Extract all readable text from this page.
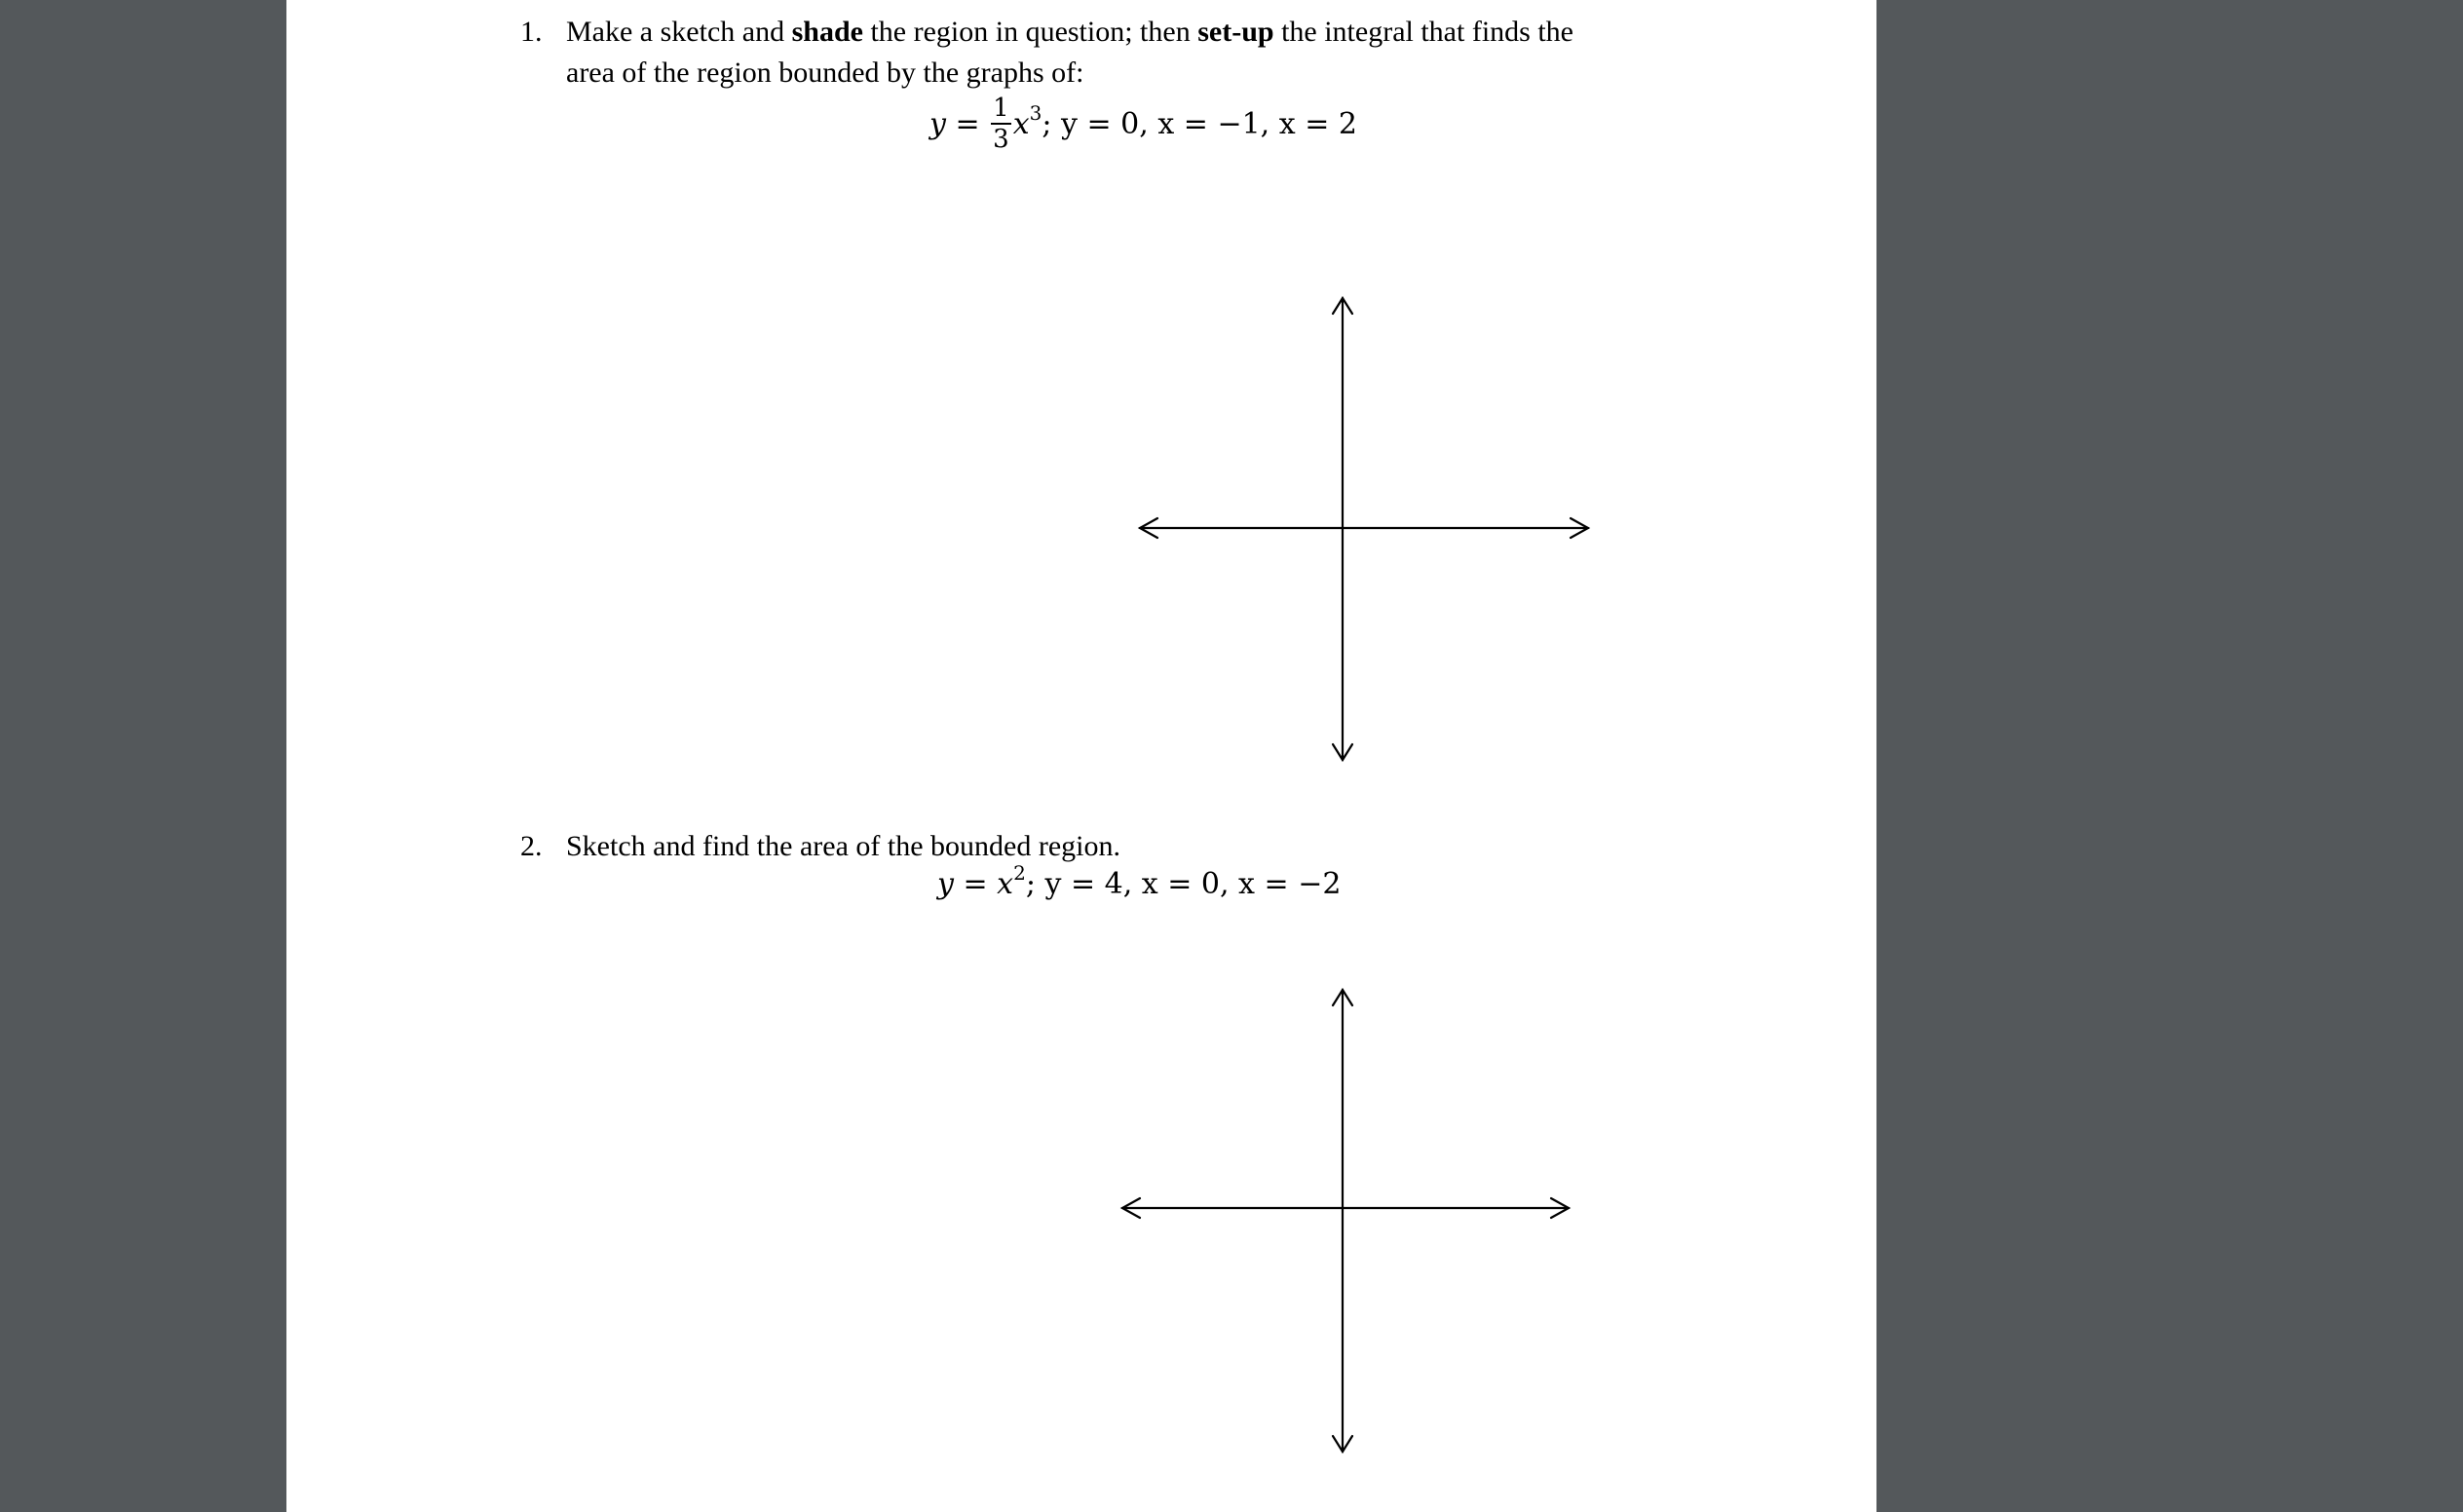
1. Make a sketch and shade the region in question; then set-up the integral that finds the
area of the region bounded by the graphs of:
$y = \frac{1}{3} x^3$; y = 0, x = −1, x = 2
2. Sketch and find the area of the bounded region.
$y = x^2$; y = 4, x = 0, x = −2
